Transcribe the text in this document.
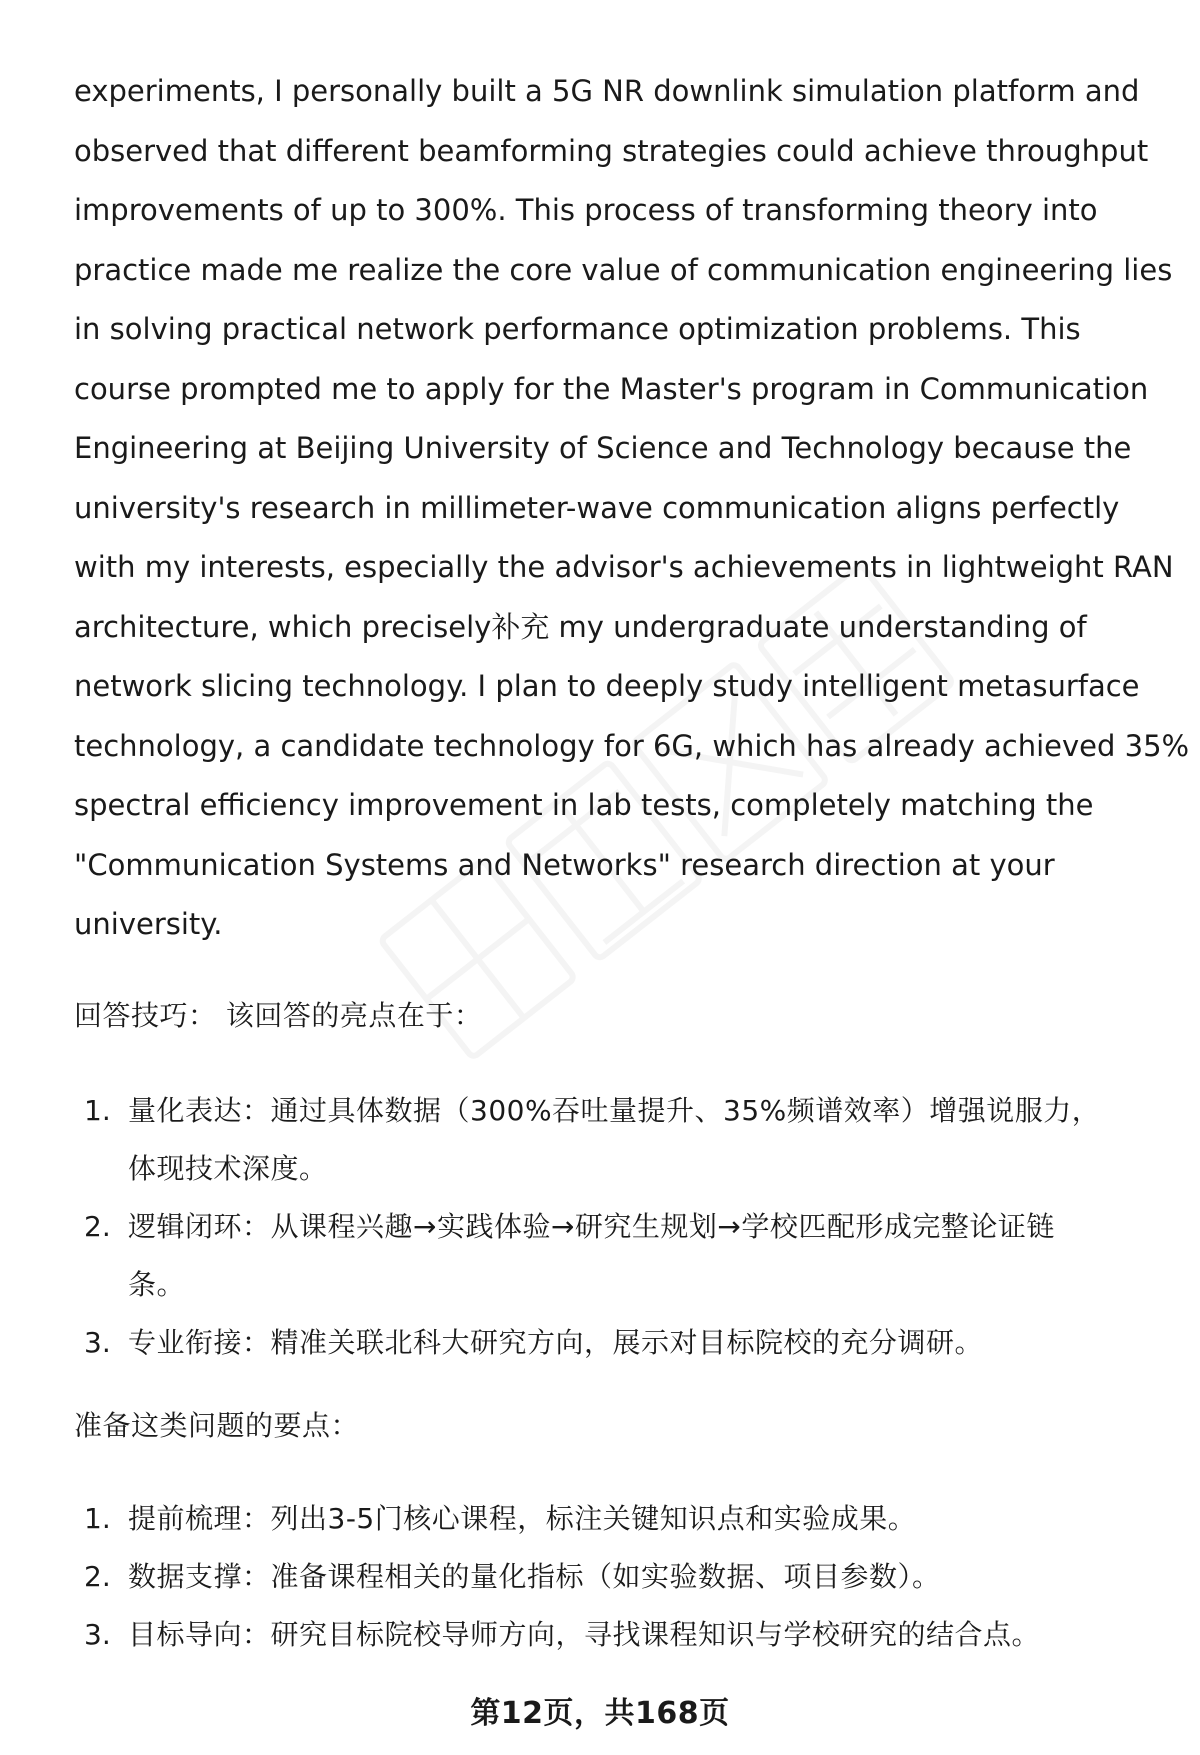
experiments, I personally built a 5G NR downlink simulation platform and
observed that different beamforming strategies could achieve throughput
improvements of up to 300%. This process of transforming theory into
practice made me realize the core value of communication engineering lies
in solving practical network performance optimization problems. This
course prompted me to apply for the Master's program in Communication
Engineering at Beijing University of Science and Technology because the
university's research in millimeter-wave communication aligns perfectly
with my interests, especially the advisor's achievements in lightweight RAN
architecture, which precisely补充 my undergraduate understanding of
network slicing technology. I plan to deeply study intelligent metasurface
technology, a candidate technology for 6G, which has already achieved 35%
spectral efficiency improvement in lab tests, completely matching the
"Communication Systems and Networks" research direction at your
university.
回答技巧： 该回答的亮点在于：
1. 量化表达：通过具体数据（300%吞吐量提升、35%频谱效率）增强说服力，
体现技术深度。
2. 逻辑闭环：从课程兴趣→实践体验→研究生规划→学校匹配形成完整论证链
条。
3. 专业衔接：精准关联北科大研究方向，展示对目标院校的充分调研。
准备这类问题的要点：
1. 提前梳理：列出3-5门核心课程，标注关键知识点和实验成果。
2. 数据支撑：准备课程相关的量化指标（如实验数据、项目参数）。
3. 目标导向：研究目标院校导师方向，寻找课程知识与学校研究的结合点。
第12页，共168页
